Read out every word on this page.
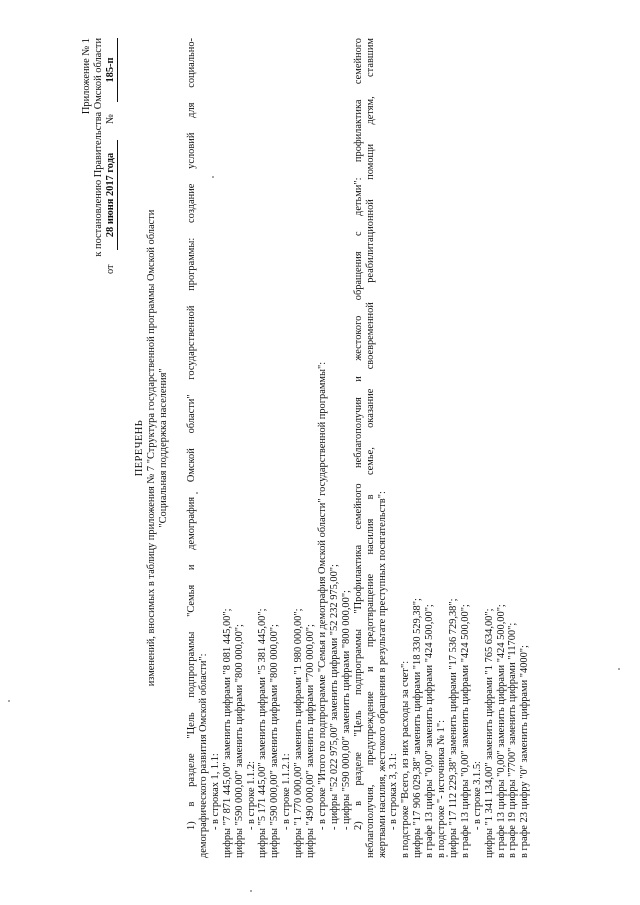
Приложение № 1 к постановлению Правительства Омской области
от
28 июня 2017 года
№
185-п
ПЕРЕЧЕНЬ изменений, вносимых в таблицу приложения № 7 "Структура государственной программы Омской области "Социальная поддержка населения" 1) в разделе "Цель подпрограммы "Семья и демография Омской области" государственной программы: создание условий для социально- демографического развития Омской области": - в строках 1, 1.1: цифры "7 871 445,00" заменить цифрами "8 081 445,00"; цифры "590 000,00" заменить цифрами "800 000,00"; - в строке 1.1.2: цифры "5 171 445,00" заменить цифрами "5 381 445,00"; цифры "590 000,00" заменить цифрами "800 000,00"; - в строке 1.1.2.1: цифры "1 770 000,00" заменить цифрами "1 980 000,00"; цифры "490 000,00" заменить цифрами "700 000,00"; - в строке "Итого по подпрограмме "Семья и демография Омской области" государственной программы": - цифры "52 022 975,00" заменить цифрами "52 232 975,00"; - цифры "590 000,00" заменить цифрами "800 000,00"; 2) в разделе "Цель подпрограммы "Профилактика семейного неблагополучия и жестокого обращения с детьми": профилактика семейного неблагополучия, предупреждение и предотвращение насилия в семье, оказание своевременной реабилитационной помощи детям, ставшим жертвами насилия, жестокого обращения в результате преступных посягательств": - в строках 3, 3.1: в подстроке "Всего, из них расходы за счет": цифры "17 906 029,38" заменить цифрами "18 330 529,38"; в графе 13 цифры "0,00" заменить цифрами "424 500,00"; в подстроке "- источника № 1": цифры "17 112 229,38" заменить цифрами "17 536 729,38"; в графе 13 цифры "0,00" заменить цифрами "424 500,00"; - в строке 3.1.5: цифры "1 341 134,00" заменить цифрами "1 765 634,00"; в графе 13 цифры "0,00" заменить цифрами "424 500,00"; в графе 19 цифры "7700" заменить цифрами "11700"; в графе 23 цифру "0" заменить цифрами "4000";
